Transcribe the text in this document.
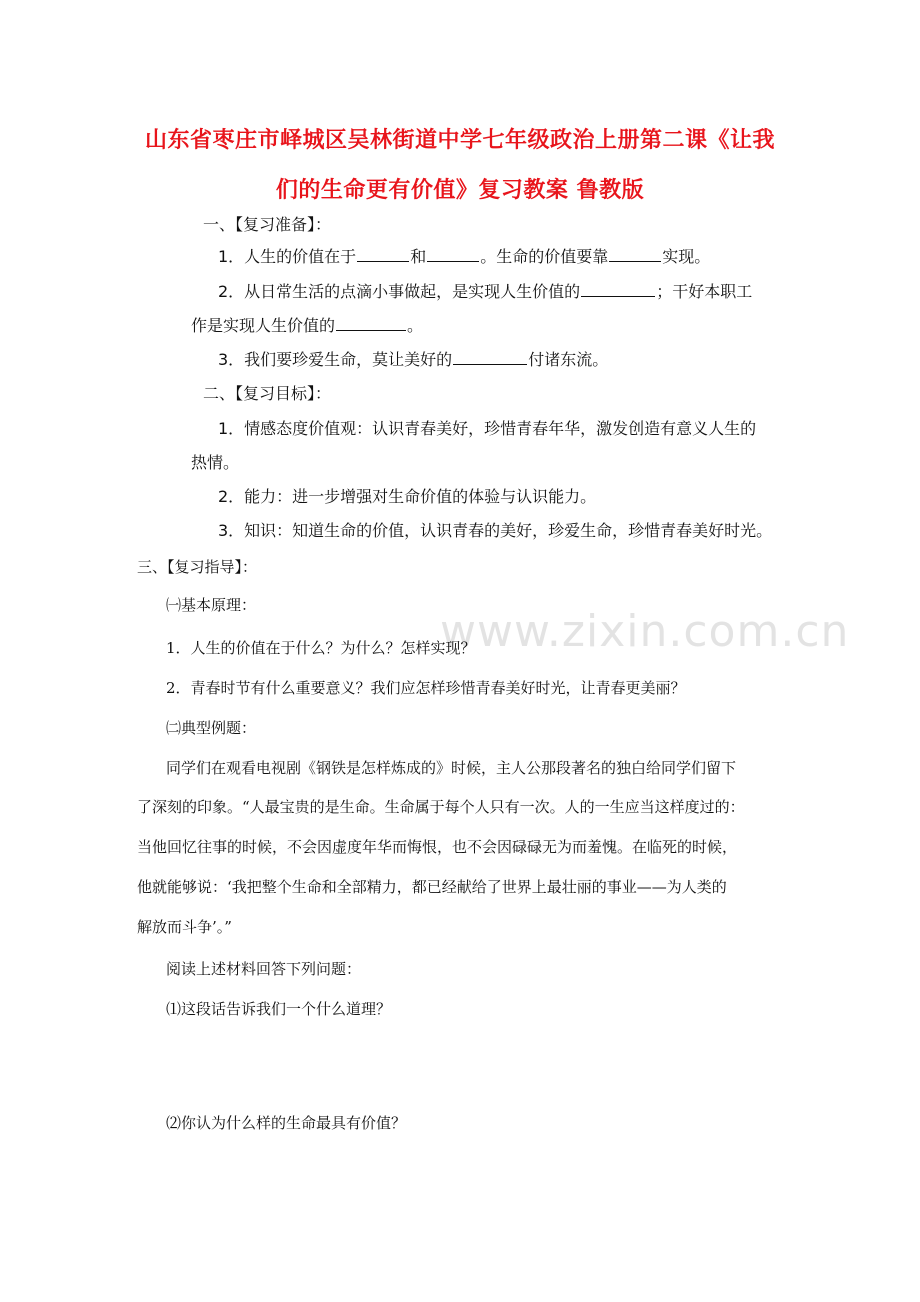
www.zixin.com.cn
山东省枣庄市峄城区吴林街道中学七年级政治上册第二课《让我
们的生命更有价值》复习教案 鲁教版
一、【复习准备】：
1．人生的价值在于	和	。生命的价值要靠	实现。
2．从日常生活的点滴小事做起，是实现人生价值的	；干好本职工
作是实现人生价值的	。
3．我们要珍爱生命，莫让美好的	付诸东流。
二、【复习目标】：
1．情感态度价值观：认识青春美好，珍惜青春年华，激发创造有意义人生的
热情。
2．能力：进一步增强对生命价值的体验与认识能力。
3．知识：知道生命的价值，认识青春的美好，珍爱生命，珍惜青春美好时光。
三、【复习指导】：
㈠基本原理：
1．人生的价值在于什么？为什么？怎样实现？
2．青春时节有什么重要意义？我们应怎样珍惜青春美好时光，让青春更美丽？
㈡典型例题：
同学们在观看电视剧《钢铁是怎样炼成的》时候，主人公那段著名的独白给同学们留下
了深刻的印象。“人最宝贵的是生命。生命属于每个人只有一次。人的一生应当这样度过的：
当他回忆往事的时候，不会因虚度年华而悔恨，也不会因碌碌无为而羞愧。在临死的时候，
他就能够说：‘我把整个生命和全部精力，都已经献给了世界上最壮丽的事业——为人类的
解放而斗争’。”
阅读上述材料回答下列问题：
⑴这段话告诉我们一个什么道理？
⑵你认为什么样的生命最具有价值？
